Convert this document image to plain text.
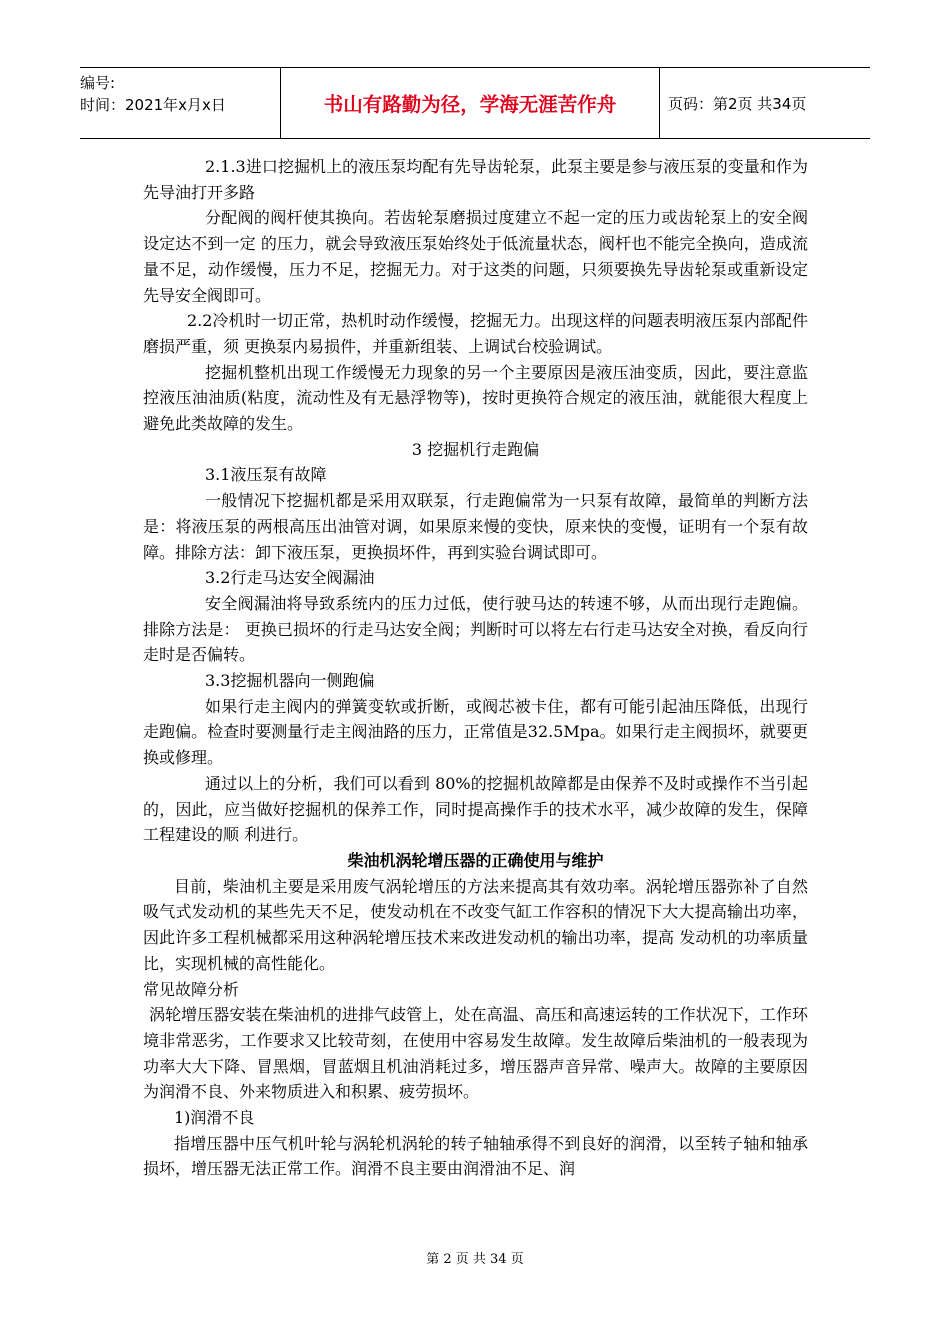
编号:
时间：2021年x月x日	书山有路勤为径，学海无涯苦作舟	页码：第2页 共34页

2.1.3进口挖掘机上的液压泵均配有先导齿轮泵，此泵主要是参与液压泵的变量和作为先导油打开多路

分配阀的阀杆使其换向。若齿轮泵磨损过度建立不起一定的压力或齿轮泵上的安全阀设定达不到一定 的压力，就会导致液压泵始终处于低流量状态，阀杆也不能完全换向，造成流量不足，动作缓慢，压力不足，挖掘无力。对于这类的问题，只须要换先导齿轮泵或重新设定先导安全阀即可。

2.2冷机时一切正常，热机时动作缓慢，挖掘无力。出现这样的问题表明液压泵内部配件磨损严重，须 更换泵内易损件，并重新组装、上调试台校验调试。

挖掘机整机出现工作缓慢无力现象的另一个主要原因是液压油变质，因此，要注意监控液压油油质(粘度，流动性及有无悬浮物等)，按时更换符合规定的液压油，就能很大程度上避免此类故障的发生。

3 挖掘机行走跑偏

3.1液压泵有故障

一般情况下挖掘机都是采用双联泵，行走跑偏常为一只泵有故障，最简单的判断方法是：将液压泵的两根高压出油管对调，如果原来慢的变快，原来快的变慢，证明有一个泵有故障。排除方法：卸下液压泵，更换损坏件，再到实验台调试即可。

3.2行走马达安全阀漏油

安全阀漏油将导致系统内的压力过低，使行驶马达的转速不够，从而出现行走跑偏。排除方法是： 更换已损坏的行走马达安全阀；判断时可以将左右行走马达安全对换，看反向行走时是否偏转。

3.3挖掘机器向一侧跑偏

如果行走主阀内的弹簧变软或折断，或阀芯被卡住，都有可能引起油压降低，出现行走跑偏。检查时要测量行走主阀油路的压力，正常值是32.5Mpa。如果行走主阀损坏，就要更换或修理。

通过以上的分析，我们可以看到 80%的挖掘机故障都是由保养不及时或操作不当引起的，因此，应当做好挖掘机的保养工作，同时提高操作手的技术水平，减少故障的发生，保障工程建设的顺 利进行。

柴油机涡轮增压器的正确使用与维护

目前，柴油机主要是采用废气涡轮增压的方法来提高其有效功率。涡轮增压器弥补了自然吸气式发动机的某些先天不足，使发动机在不改变气缸工作容积的情况下大大提高输出功率，因此许多工程机械都采用这种涡轮增压技术来改进发动机的输出功率，提高 发动机的功率质量比，实现机械的高性能化。

常见故障分析

涡轮增压器安装在柴油机的进排气歧管上，处在高温、高压和高速运转的工作状况下，工作环境非常恶劣，工作要求又比较苛刻，在使用中容易发生故障。发生故障后柴油机的一般表现为功率大大下降、冒黑烟，冒蓝烟且机油消耗过多，增压器声音异常、噪声大。故障的主要原因为润滑不良、外来物质进入和积累、疲劳损坏。

1)润滑不良

指增压器中压气机叶轮与涡轮机涡轮的转子轴轴承得不到良好的润滑，以至转子轴和轴承损坏，增压器无法正常工作。润滑不良主要由润滑油不足、润

第 2 页 共 34 页
